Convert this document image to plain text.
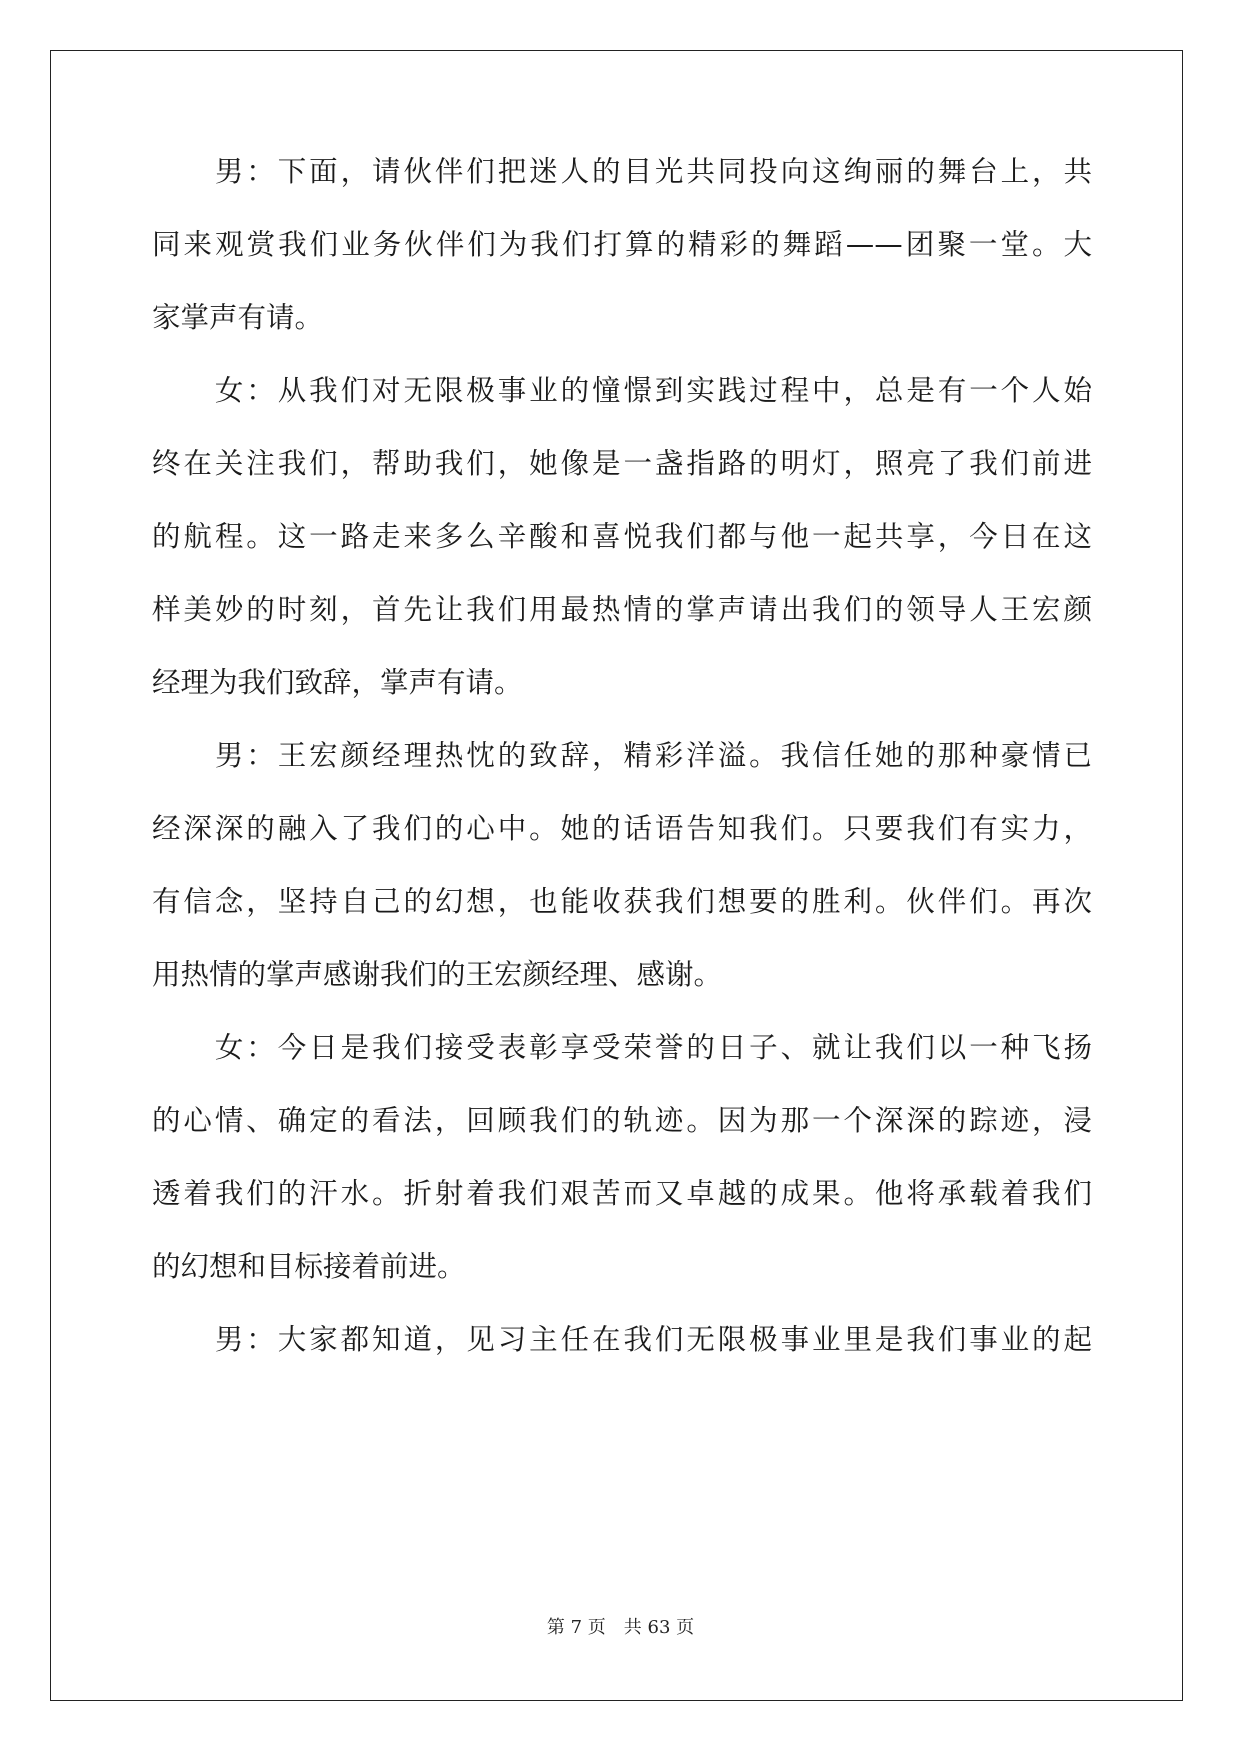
　　男：下面，请伙伴们把迷人的目光共同投向这绚丽的舞台上，共
同来观赏我们业务伙伴们为我们打算的精彩的舞蹈——团聚一堂。大
家掌声有请。
　　女：从我们对无限极事业的憧憬到实践过程中，总是有一个人始
终在关注我们，帮助我们，她像是一盏指路的明灯，照亮了我们前进
的航程。这一路走来多么辛酸和喜悦我们都与他一起共享，今日在这
样美妙的时刻，首先让我们用最热情的掌声请出我们的领导人王宏颜
经理为我们致辞，掌声有请。
　　男：王宏颜经理热忱的致辞，精彩洋溢。我信任她的那种豪情已
经深深的融入了我们的心中。她的话语告知我们。只要我们有实力，
有信念，坚持自己的幻想，也能收获我们想要的胜利。伙伴们。再次
用热情的掌声感谢我们的王宏颜经理、感谢。
　　女：今日是我们接受表彰享受荣誉的日子、就让我们以一种飞扬
的心情、确定的看法，回顾我们的轨迹。因为那一个深深的踪迹，浸
透着我们的汗水。折射着我们艰苦而又卓越的成果。他将承载着我们
的幻想和目标接着前进。
　　男：大家都知道，见习主任在我们无限极事业里是我们事业的起
第 7 页　共 63 页
